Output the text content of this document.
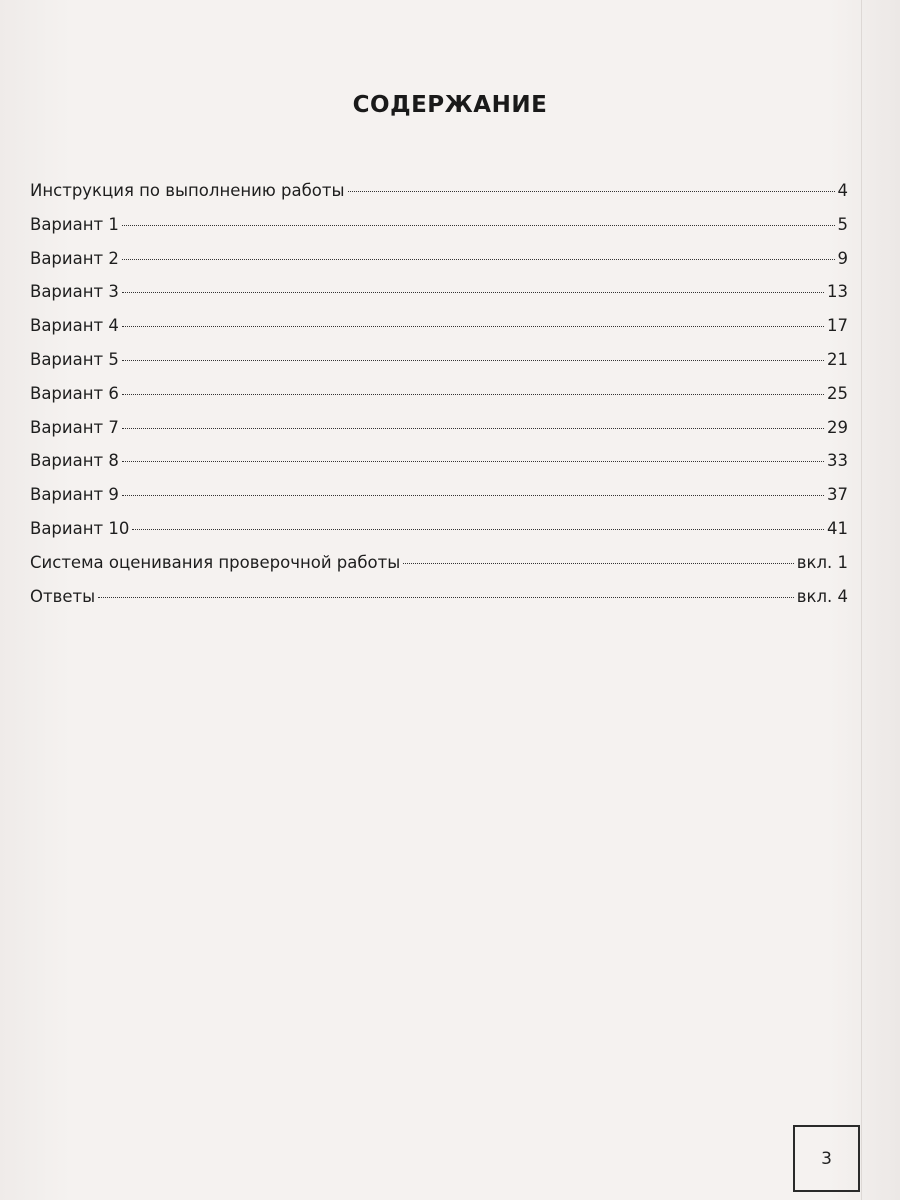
СОДЕРЖАНИЕ
Инструкция по выполнению работы	4
Вариант 1	5
Вариант 2	9
Вариант 3	13
Вариант 4	17
Вариант 5	21
Вариант 6	25
Вариант 7	29
Вариант 8	33
Вариант 9	37
Вариант 10	41
Система оценивания проверочной работы	вкл. 1
Ответы	вкл. 4
3
